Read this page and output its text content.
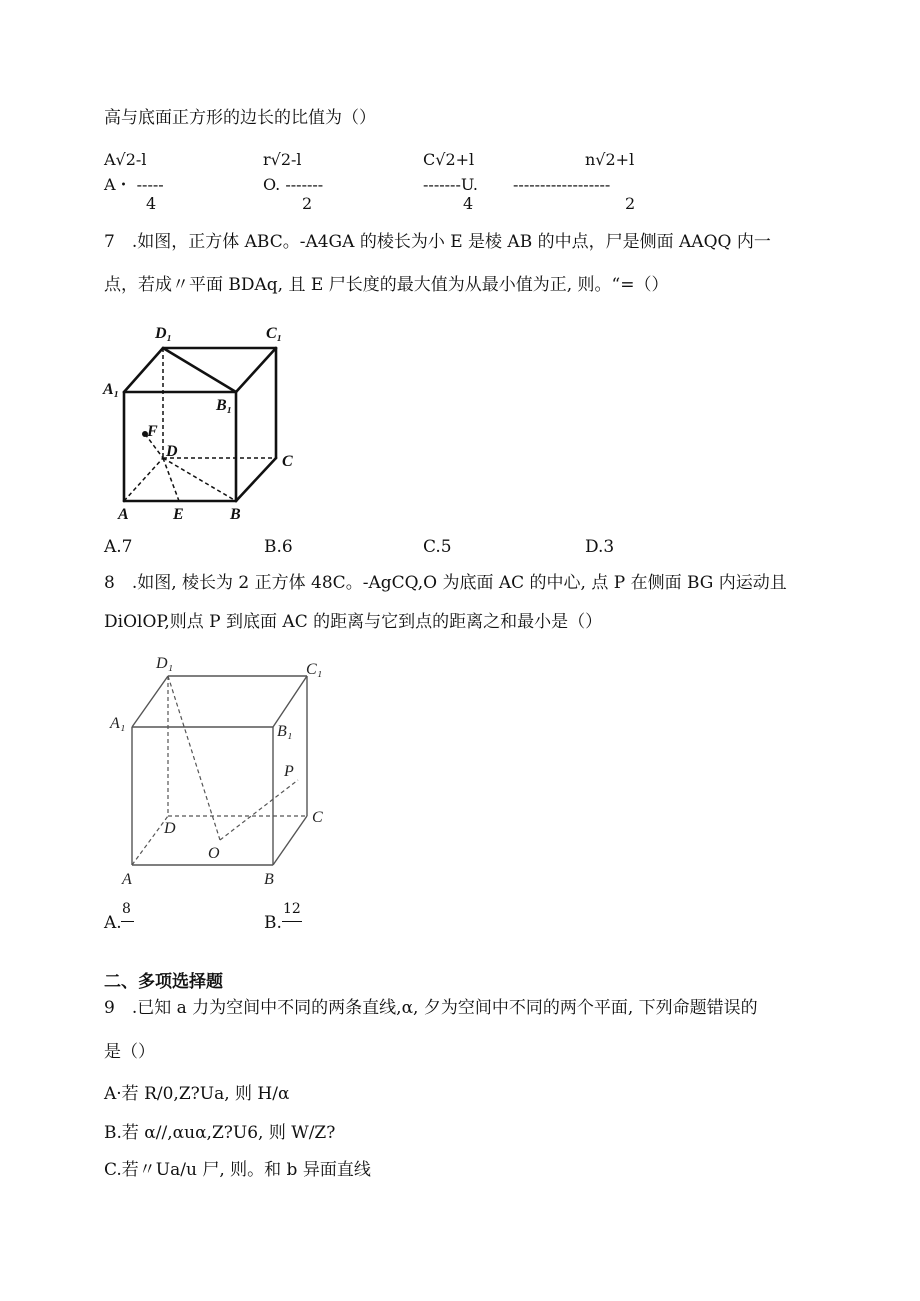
高与底面正方形的边长的比值为（）
A√2-l
A・ -----
4
r√2-l
O. -------
2
C√2+l
-------U.
4
n√2+l
------------------
2
7　.如图，正方体 ABC。-A4GA 的棱长为小 E 是棱 AB 的中点，尸是侧面 AAQQ 内一
点，若成〃平面 BDAq, 且 E 尸长度的最大值为从最小值为正, 则。“=（）
D₁	C₁
A₁
B₁
F
D
C
A	E	B
A.7	B.6	C.5	D.3
8　.如图, 棱长为 2 正方体 48C。-AgCQ,O 为底面 AC 的中心, 点 P 在侧面 BG 内运动且
DiOlOP,则点 P 到底面 AC 的距离与它到点的距离之和最小是（）
D₁	C₁
A₁	B₁
P
D
C
O
A	B
A.
8
B.
12
二、多项选择题
9　.已知 a 力为空间中不同的两条直线,α, 夕为空间中不同的两个平面, 下列命题错误的
是（）
A·若 R/0,Z?Ua, 则 H/α
B.若 α//,αuα,Z?U6, 则 W/Z?
C.若〃Ua/u 尸, 则。和 b 异面直线
